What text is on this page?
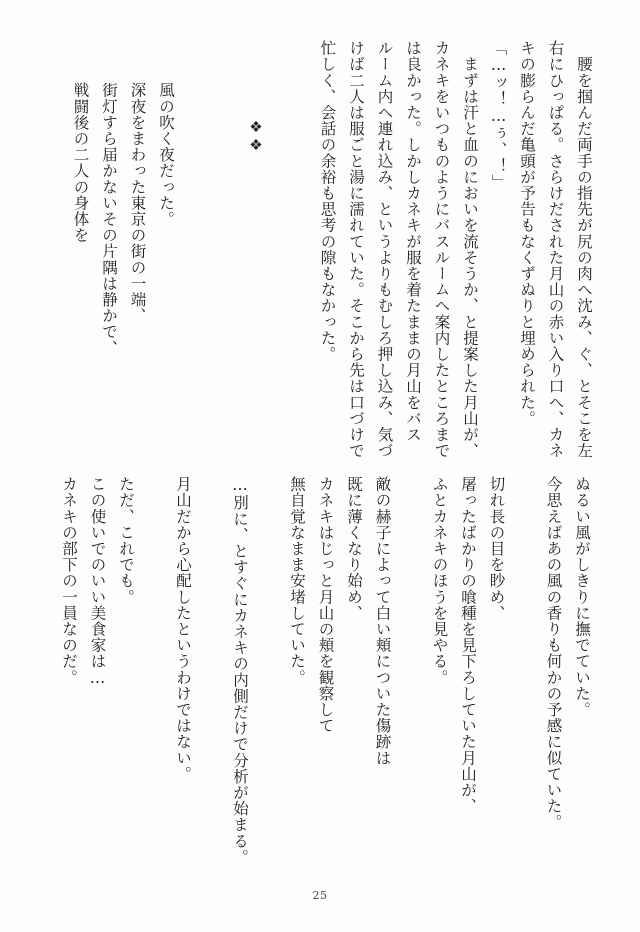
　腰を掴んだ両手の指先が尻の肉へ沈み、ぐ、とそこを左
右にひっぱる。さらけだされた月山の赤い入り口へ、カネ
キの膨らんだ亀頭が予告もなくずぬりと埋められた。
「…ッ！…ぅ、！」
　まずは汗と血のにおいを流そうか、と提案した月山が、
カネキをいつものようにバスルームへ案内したところまで
は良かった。しかしカネキが服を着たままの月山をバス
ルーム内へ連れ込み、というよりもむしろ押し込み、気づ
けば二人は服ごと湯に濡れていた。そこから先は口づけで
忙しく、会話の余裕も思考の隙もなかった。
❖
❖
　風の吹く夜だった。
　深夜をまわった東京の街の一端、
　街灯すら届かないその片隅は静かで、
　戦闘後の二人の身体を
ぬるい風がしきりに撫でていた。
今思えばあの風の香りも何かの予感に似ていた。

切れ長の目を眇め、
屠ったばかりの喰種を見下ろしていた月山が、
ふとカネキのほうを見やる。

敵の赫子によって白い頬についた傷跡は
既に薄くなり始め、
カネキはじっと月山の頬を観察して
無自覚なまま安堵していた。

…別に、とすぐにカネキの内側だけで分析が始まる。

月山だから心配したというわけではない。

ただ、これでも。
この使いでのいい美食家は…
カネキの部下の一員なのだ。
25
